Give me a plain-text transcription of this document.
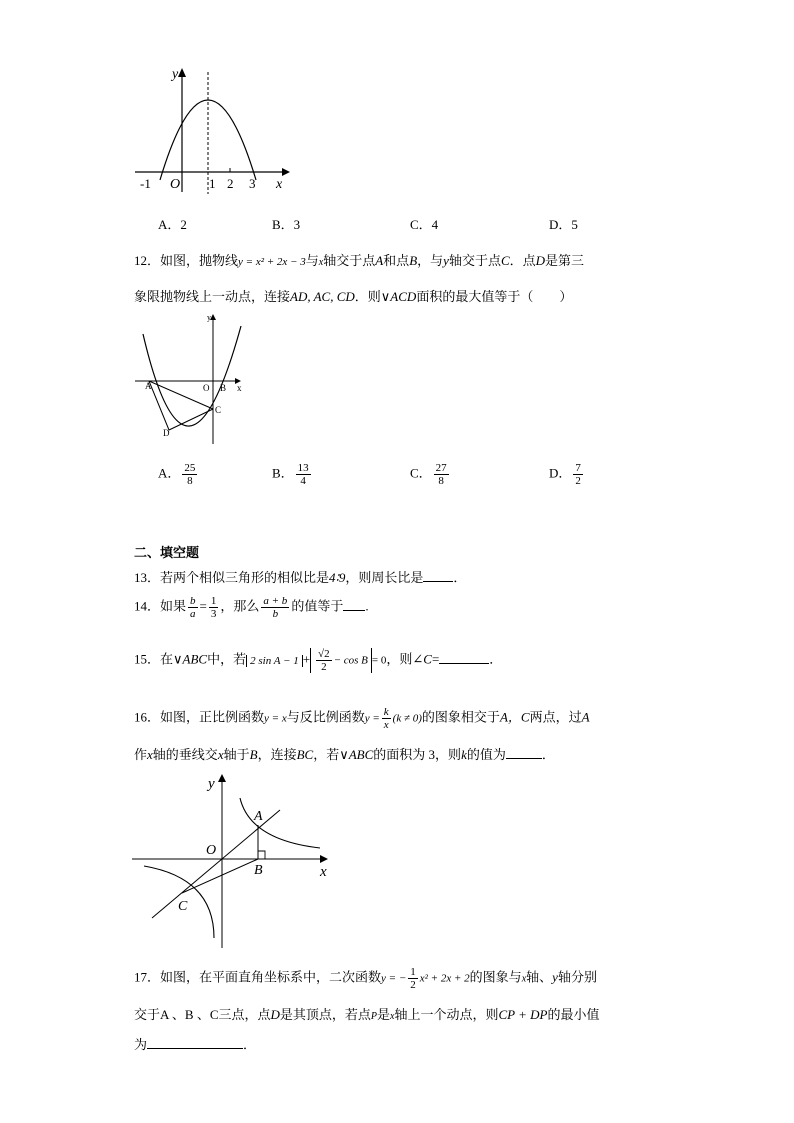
y
x
O
-1	1 2 3
A．2	B．3	C．4	D．5
12．如图，抛物线y = x² + 2x − 3与x轴交于点A和点B，与y轴交于点C．点D是第三
象限抛物线上一动点，连接AD, AC, CD．则∨ACD面积的最大值等于（　　）
y
x
A	O B
C
D
A． $\frac{25}{8}$	B． $\frac{13}{4}$	C． $\frac{27}{8}$	D． $\frac{7}{2}$
二、填空题
13．若两个相似三角形的相似比是4∶9，则周长比是 ．
14．如果 $\frac{b}{a} = \frac{1}{3}$ ，那么 $\frac{a + b}{b}$ 的值等于 .
15．在∨ABC中，若 2 $\sin A - 1 + \frac{√2}{2} - \cos B = 0$，则∠C=	．
16．如图，正比例函数y = x与反比例函数$y = \frac{k}{x} (k \ne 0)$的图象相交于A，C两点，过A
作x轴的垂线交x轴于B，连接BC，若∨ABC的面积为 3，则k的值为	．
y
x
O
A
B
C
17．如图，在平面直角坐标系中，二次函数y = − $\frac{1}{2} x^2 + 2x + 2$的图象与x轴、y轴分别
交于A 、B 、C三点，点D是其顶点，若点P是x轴上一个动点，则CP + DP的最小值
为	．
